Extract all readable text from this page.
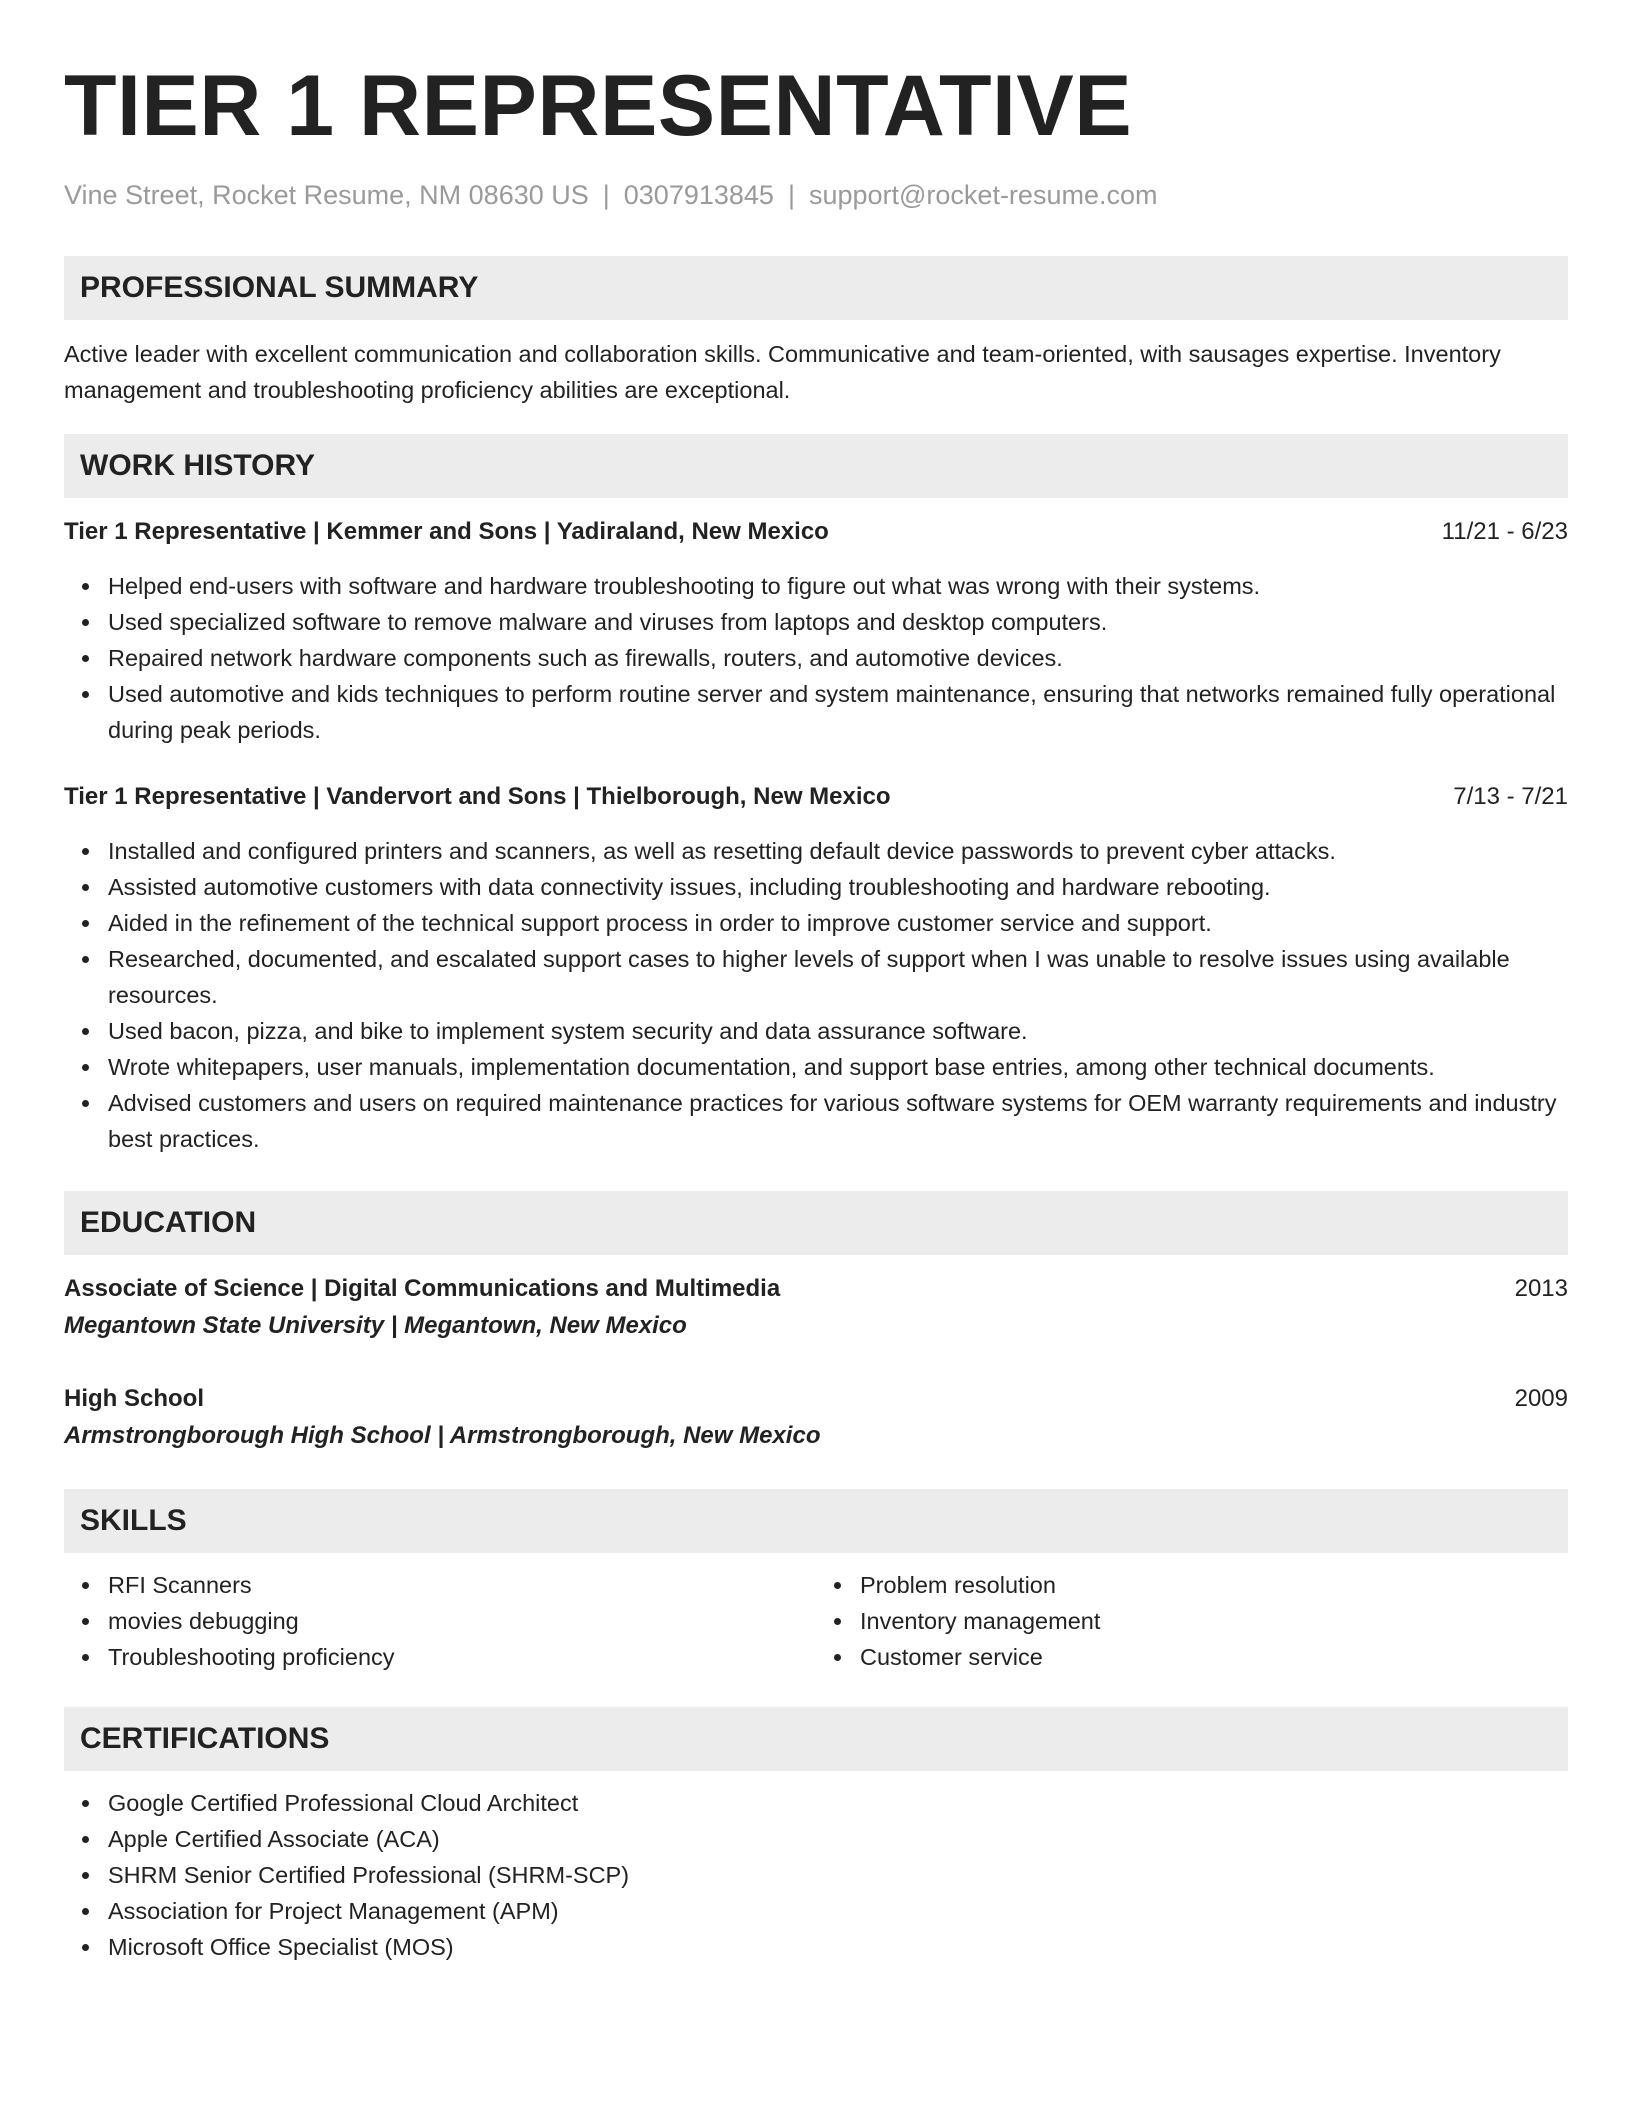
TIER 1 REPRESENTATIVE
Vine Street, Rocket Resume, NM 08630 US | 0307913845 | support@rocket-resume.com
PROFESSIONAL SUMMARY

Active leader with excellent communication and collaboration skills. Communicative and team-oriented, with sausages expertise. Inventory management and troubleshooting proficiency abilities are exceptional.

WORK HISTORY
Tier 1 Representative | Kemmer and Sons | Yadiraland, New Mexico	11/21 - 6/23
Helped end-users with software and hardware troubleshooting to figure out what was wrong with their systems.
Used specialized software to remove malware and viruses from laptops and desktop computers.
Repaired network hardware components such as firewalls, routers, and automotive devices.
Used automotive and kids techniques to perform routine server and system maintenance, ensuring that networks remained fully operational during peak periods.
Tier 1 Representative | Vandervort and Sons | Thielborough, New Mexico	7/13 - 7/21
Installed and configured printers and scanners, as well as resetting default device passwords to prevent cyber attacks.
Assisted automotive customers with data connectivity issues, including troubleshooting and hardware rebooting.
Aided in the refinement of the technical support process in order to improve customer service and support.
Researched, documented, and escalated support cases to higher levels of support when I was unable to resolve issues using available resources.
Used bacon, pizza, and bike to implement system security and data assurance software.
Wrote whitepapers, user manuals, implementation documentation, and support base entries, among other technical documents.
Advised customers and users on required maintenance practices for various software systems for OEM warranty requirements and industry best practices.
EDUCATION
Associate of Science | Digital Communications and Multimedia	2013
Megantown State University | Megantown, New Mexico
High School	2009
Armstrongborough High School | Armstrongborough, New Mexico
SKILLS
RFI Scanners
movies debugging
Troubleshooting proficiency
Problem resolution
Inventory management
Customer service
CERTIFICATIONS
Google Certified Professional Cloud Architect
Apple Certified Associate (ACA)
SHRM Senior Certified Professional (SHRM-SCP)
Association for Project Management (APM)
Microsoft Office Specialist (MOS)
